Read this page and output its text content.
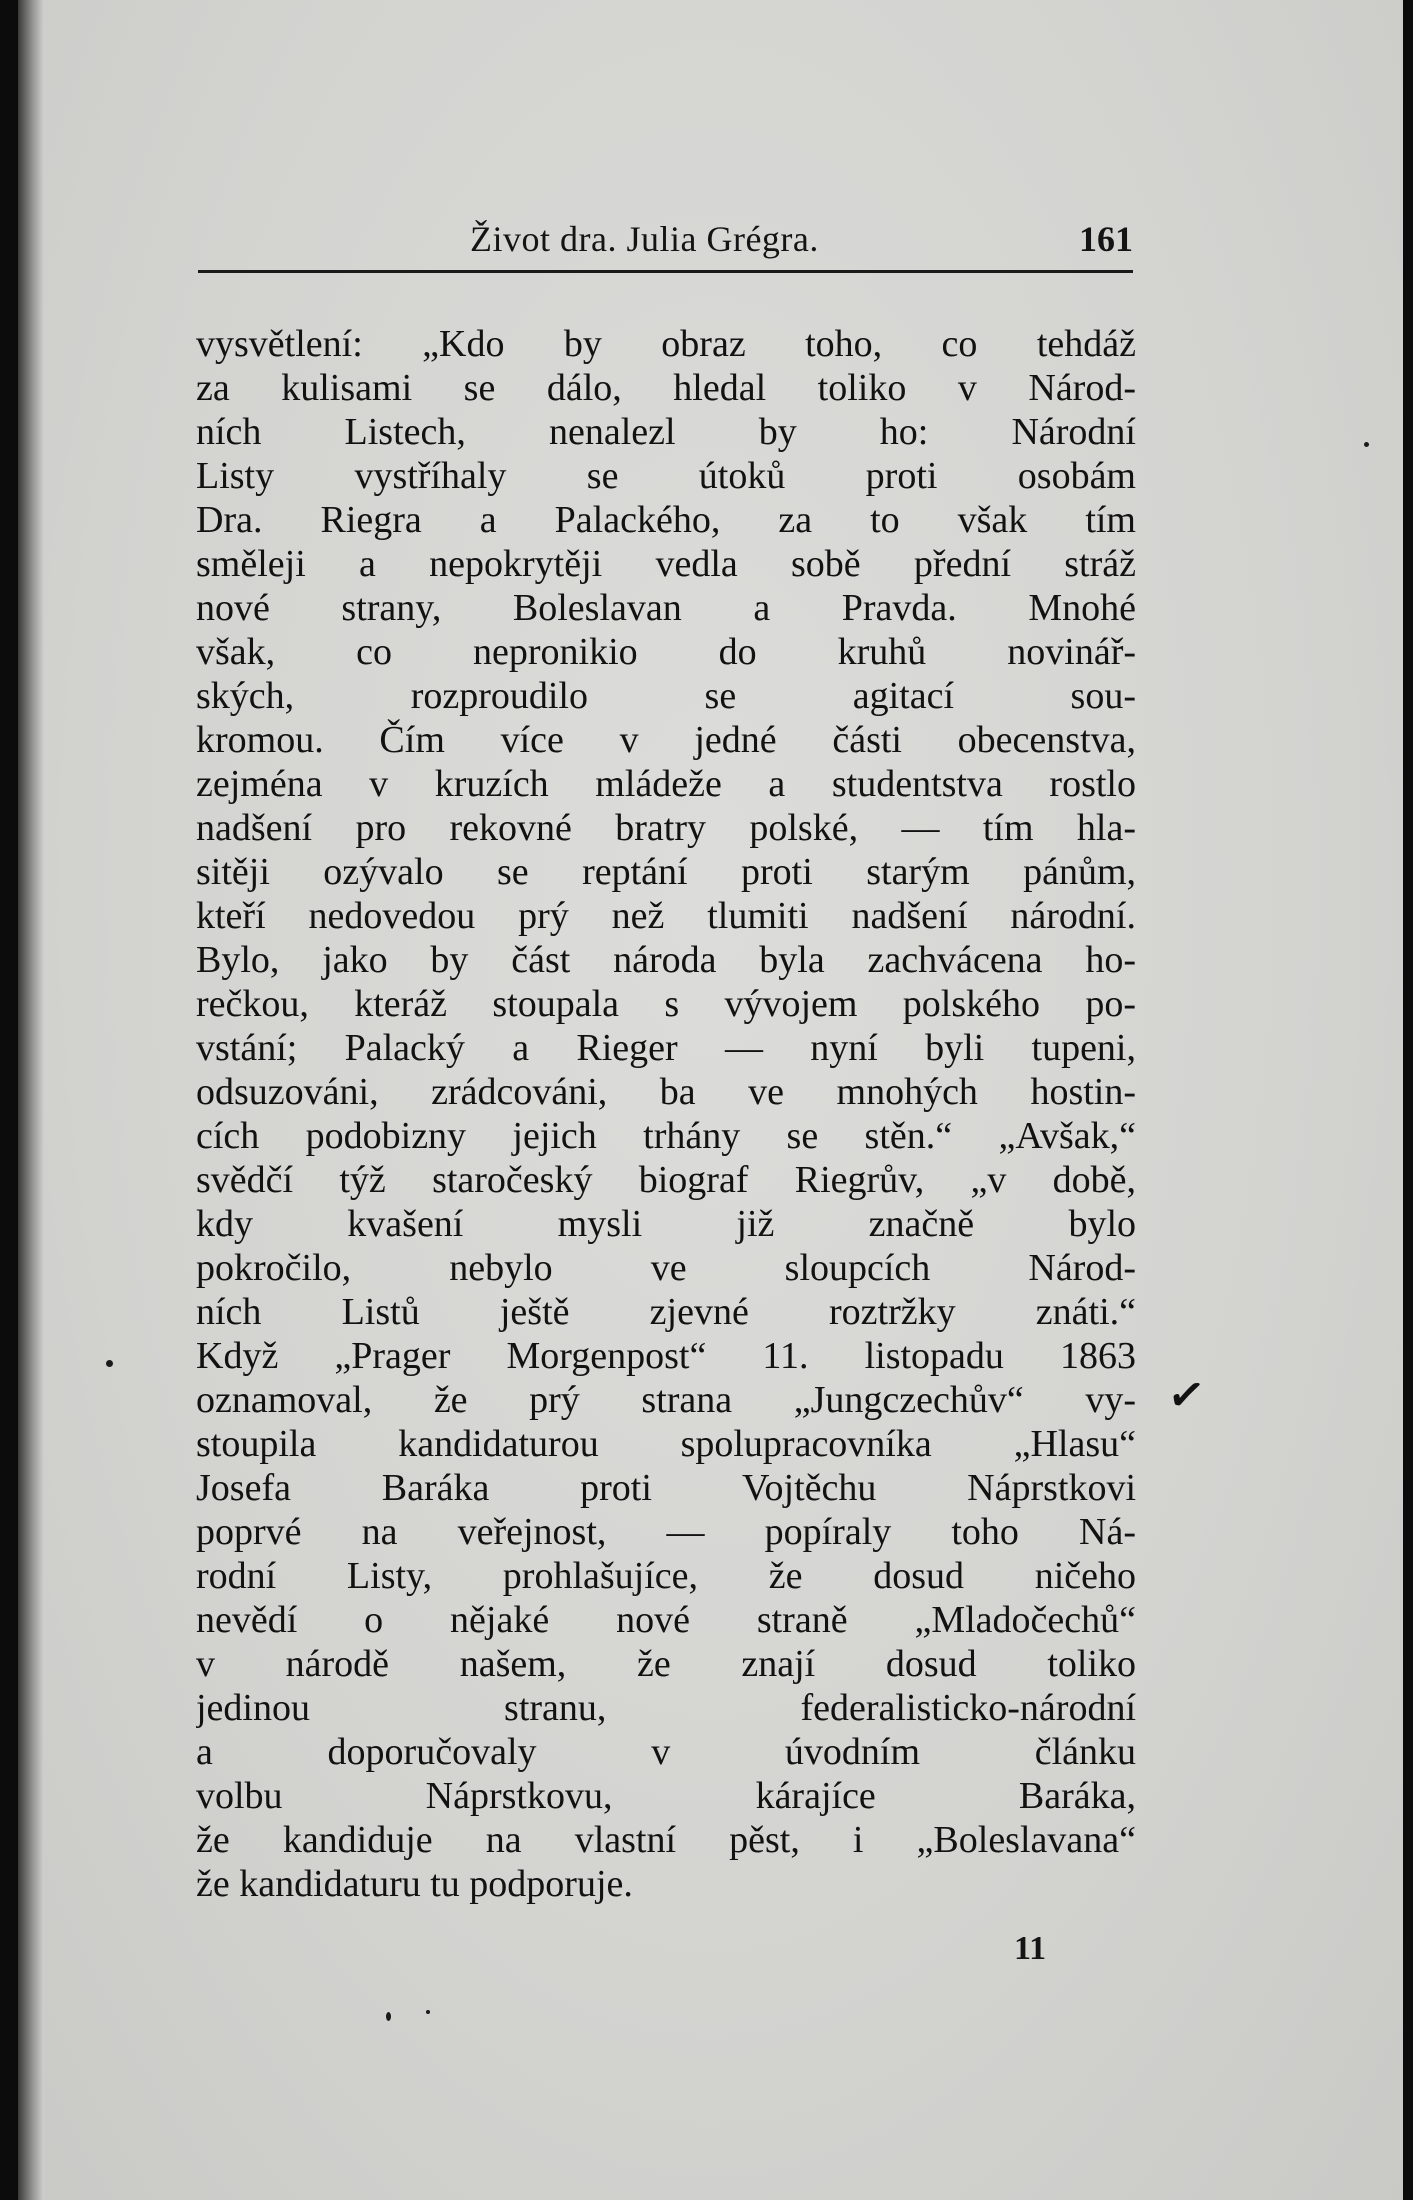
Život dra. Julia Grégra.	161
vysvětlení: „Kdo by obraz toho, co tehdáž
za kulisami se dálo, hledal toliko v Národ-
ních Listech, nenalezl by ho: Národní
Listy vystříhaly se útoků proti osobám
Dra. Riegra a Palackého, za to však tím
směleji a nepokrytěji vedla sobě přední stráž
nové strany, Boleslavan a Pravda. Mnohé
však, co nepronikio do kruhů novinář-
ských, rozproudilo se agitací sou-
kromou. Čím více v jedné části obecenstva,
zejména v kruzích mládeže a studentstva rostlo
nadšení pro rekovné bratry polské, — tím hla-
sitěji ozývalo se reptání proti starým pánům,
kteří nedovedou prý než tlumiti nadšení národní.
Bylo, jako by část národa byla zachvácena ho-
rečkou, kteráž stoupala s vývojem polského po-
vstání; Palacký a Rieger — nyní byli tupeni,
odsuzováni, zrádcováni, ba ve mnohých hostin-
cích podobizny jejich trhány se stěn.“ „Avšak,“
svědčí týž staročeský biograf Riegrův, „v době,
kdy kvašení mysli již značně bylo
pokročilo, nebylo ve sloupcích Národ-
ních Listů ještě zjevné roztržky znáti.“
Když „Prager Morgenpost“ 11. listopadu 1863
oznamoval, že prý strana „Jungczechův“ vy-
stoupila kandidaturou spolupracovníka „Hlasu“
Josefa Baráka proti Vojtěchu Náprstkovi
poprvé na veřejnost, — popíraly toho Ná-
rodní Listy, prohlašujíce, že dosud ničeho
nevědí o nějaké nové straně „Mladočechů“
v národě našem, že znají dosud toliko
jedinou stranu, federalisticko-národní
a doporučovaly v úvodním článku
volbu Náprstkovu, kárajíce Baráka,
že kandiduje na vlastní pěst, i „Boleslavana“
že kandidaturu tu podporuje.
11
✓
